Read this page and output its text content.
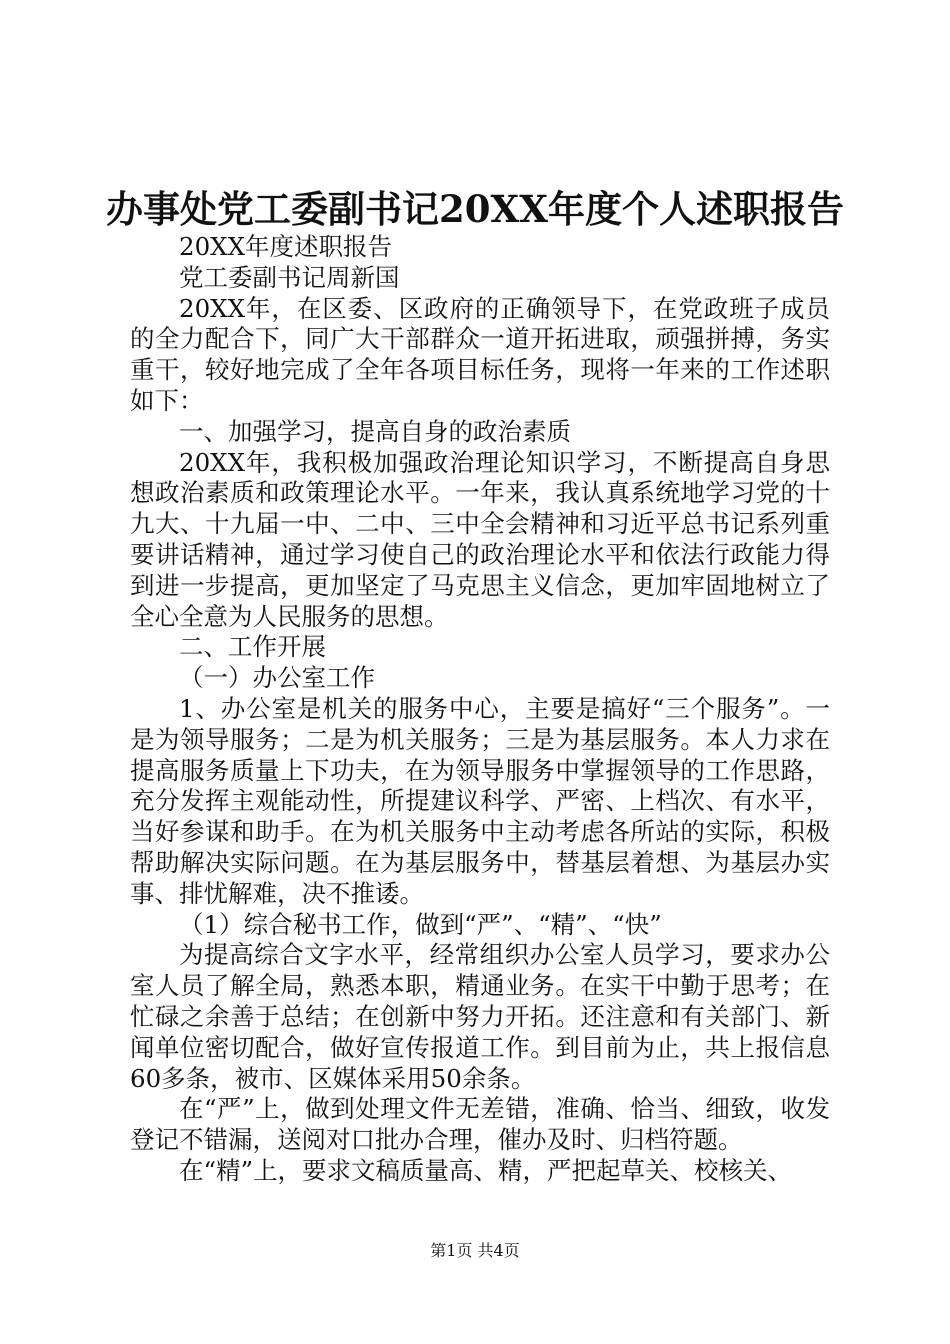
办事处党工委副书记20XX年度个人述职报告

20XX年度述职报告

党工委副书记周新国

20XX年，在区委、区政府的正确领导下，在党政班子成员的全力配合下，同广大干部群众一道开拓进取，顽强拼搏，务实重干，较好地完成了全年各项目标任务，现将一年来的工作述职如下：

一、加强学习，提高自身的政治素质

20XX年，我积极加强政治理论知识学习，不断提高自身思想政治素质和政策理论水平。一年来，我认真系统地学习党的十九大、十九届一中、二中、三中全会精神和习近平总书记系列重要讲话精神，通过学习使自己的政治理论水平和依法行政能力得到进一步提高，更加坚定了马克思主义信念，更加牢固地树立了全心全意为人民服务的思想。

二、工作开展

（一）办公室工作

1、办公室是机关的服务中心，主要是搞好“三个服务”。一是为领导服务；二是为机关服务；三是为基层服务。本人力求在提高服务质量上下功夫，在为领导服务中掌握领导的工作思路，充分发挥主观能动性，所提建议科学、严密、上档次、有水平，当好参谋和助手。在为机关服务中主动考虑各所站的实际，积极帮助解决实际问题。在为基层服务中，替基层着想、为基层办实事、排忧解难，决不推诿。

（1）综合秘书工作，做到“严”、“精”、“快”

为提高综合文字水平，经常组织办公室人员学习，要求办公室人员了解全局，熟悉本职，精通业务。在实干中勤于思考；在忙碌之余善于总结；在创新中努力开拓。还注意和有关部门、新闻单位密切配合，做好宣传报道工作。到目前为止，共上报信息60多条，被市、区媒体采用50余条。

在“严”上，做到处理文件无差错，准确、恰当、细致，收发登记不错漏，送阅对口批办合理，催办及时、归档符题。

在“精”上，要求文稿质量高、精，严把起草关、校核关、

第1页 共4页
